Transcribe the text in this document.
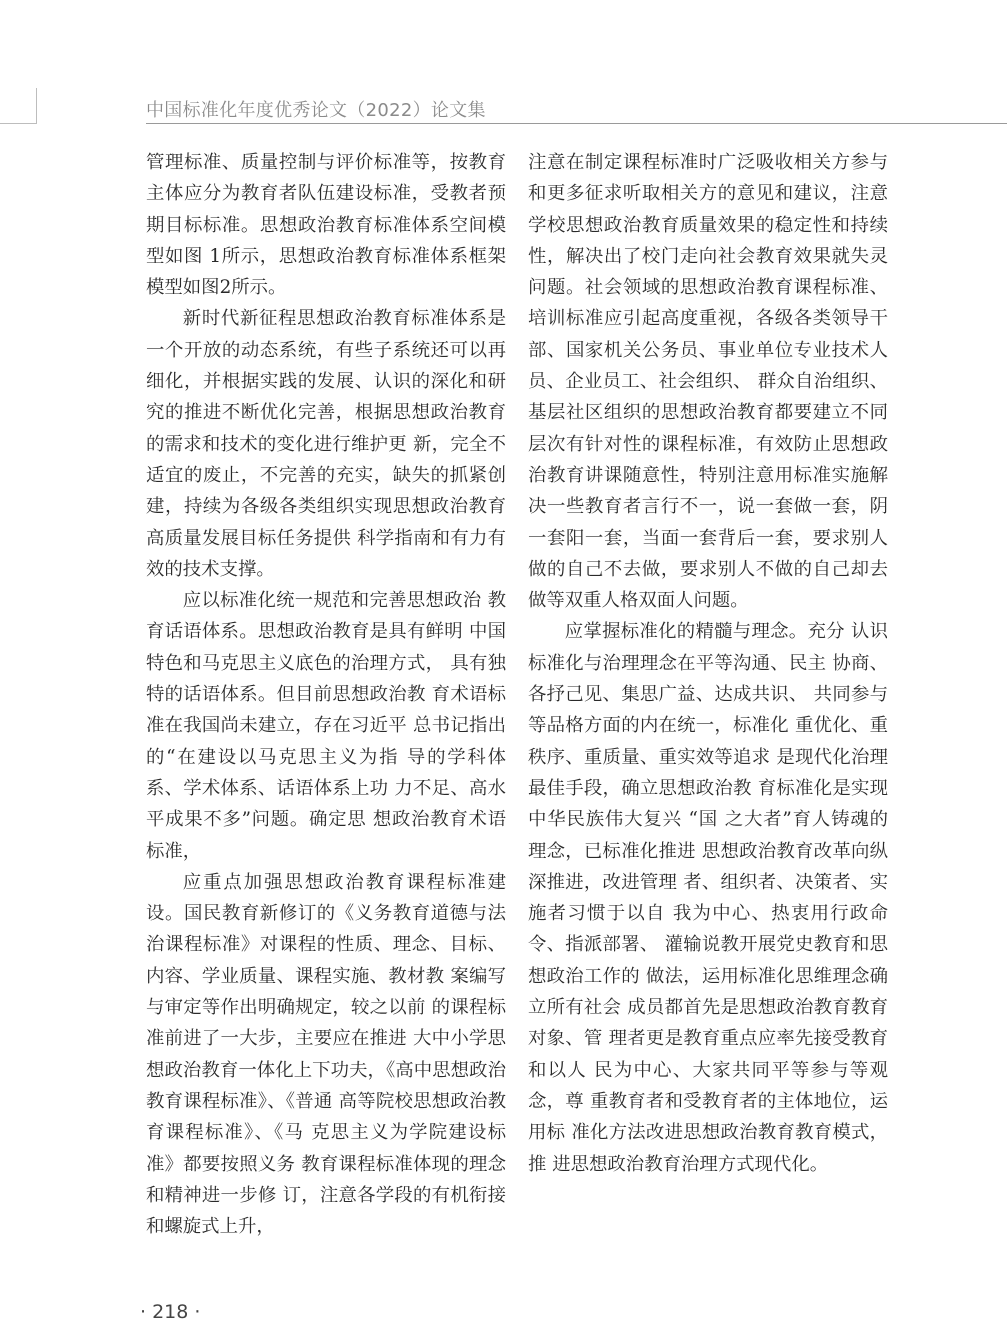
中国标准化年度优秀论文（2022）论文集

管理标准、质量控制与评价标准等，按教育主体应分为教育者队伍建设标准，受教者预期目标标准。思想政治教育标准体系空间模型如图 1所示，思想政治教育标准体系框架模型如图2所示。

新时代新征程思想政治教育标准体系是一个开放的动态系统，有些子系统还可以再细化，并根据实践的发展、认识的深化和研究的推进不断优化完善，根据思想政治教育的需求和技术的变化进行维护更 新，完全不适宜的废止，不完善的充实，缺失的抓紧创建，持续为各级各类组织实现思想政治教育高质量发展目标任务提供 科学指南和有力有效的技术支撑。

应以标准化统一规范和完善思想政治 教育话语体系。思想政治教育是具有鲜明 中国特色和马克思主义底色的治理方式， 具有独特的话语体系。但目前思想政治教 育术语标准在我国尚未建立，存在习近平 总书记指出的“在建设以马克思主义为指 导的学科体系、学术体系、话语体系上功 力不足、高水平成果不多”问题。确定思 想政治教育术语标准，

应重点加强思想政治教育课程标准建设。国民教育新修订的《义务教育道德与法治课程标准》对课程的性质、理念、目标、内容、学业质量、课程实施、教材教 案编写与审定等作出明确规定，较之以前 的课程标准前进了一大步，主要应在推进 大中小学思想政治教育一体化上下功夫，《高中思想政治教育课程标准》、《普通 高等院校思想政治教育课程标准》、《马 克思主义为学院建设标准》都要按照义务 教育课程标准体现的理念和精神进一步修 订，注意各学段的有机衔接和螺旋式上升，

注意在制定课程标准时广泛吸收相关方参与和更多征求听取相关方的意见和建议，注意学校思想政治教育质量效果的稳定性和持续性，解决出了校门走向社会教育效果就失灵问题。社会领域的思想政治教育课程标准、培训标准应引起高度重视，各级各类领导干部、国家机关公务员、事业单位专业技术人员、企业员工、社会组织、 群众自治组织、基层社区组织的思想政治教育都要建立不同层次有针对性的课程标准，有效防止思想政治教育讲课随意性，特别注意用标准实施解决一些教育者言行不一，说一套做一套，阴一套阳一套，当面一套背后一套，要求别人做的自己不去做，要求别人不做的自己却去做等双重人格双面人问题。

应掌握标准化的精髓与理念。充分 认识标准化与治理理念在平等沟通、民主 协商、各抒己见、集思广益、达成共识、 共同参与等品格方面的内在统一，标准化 重优化、重秩序、重质量、重实效等追求 是现代化治理最佳手段，确立思想政治教 育标准化是实现中华民族伟大复兴 “国 之大者”育人铸魂的理念，已标准化推进 思想政治教育改革向纵深推进，改进管理 者、组织者、决策者、实施者习惯于以自 我为中心、热衷用行政命令、指派部署、 灌输说教开展党史教育和思想政治工作的 做法，运用标准化思维理念确立所有社会 成员都首先是思想政治教育教育对象、管 理者更是教育重点应率先接受教育和以人 民为中心、大家共同平等参与等观念，尊 重教育者和受教育者的主体地位，运用标 准化方法改进思想政治教育教育模式，推 进思想政治教育治理方式现代化。

· 218 ·
